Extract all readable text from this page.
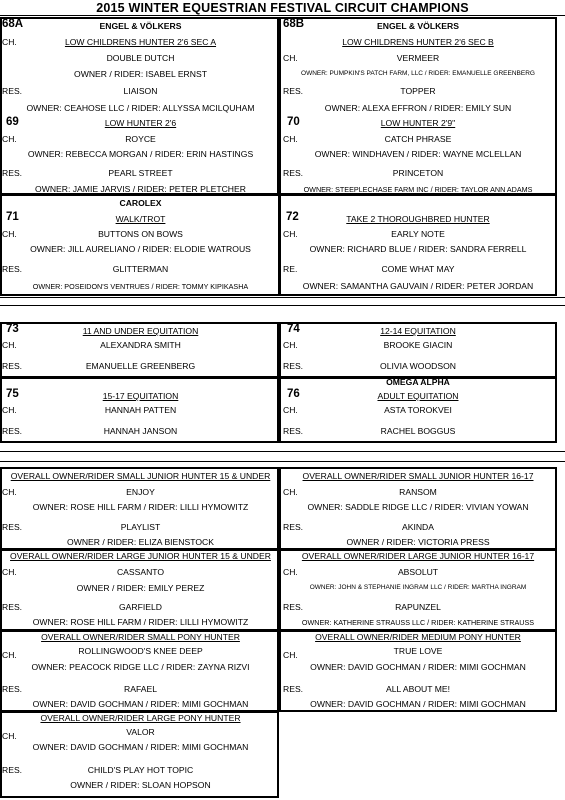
2015 WINTER EQUESTRIAN FESTIVAL CIRCUIT CHAMPIONS
68A	ENGEL & VÖLKERS
LOW CHILDRENS HUNTER 2'6 SEC A
CH.
DOUBLE DUTCH
OWNER / RIDER: ISABEL ERNST
RES.	LIAISON
OWNER: CEAHOSE LLC / RIDER: ALLYSSA MCILQUHAM
68B	ENGEL & VÖLKERS
LOW CHILDRENS HUNTER 2'6 SEC B
CH.	VERMEER
OWNER: PUMPKIN'S PATCH FARM, LLC / RIDER: EMANUELLE GREENBERG
RES.	TOPPER
OWNER: ALEXA EFFRON / RIDER: EMILY SUN
69	LOW HUNTER 2'6
CH.	ROYCE
OWNER: REBECCA MORGAN / RIDER: ERIN HASTINGS
RES.	PEARL STREET
OWNER: JAMIE JARVIS / RIDER: PETER PLETCHER
70	LOW HUNTER 2'9"
CH.	CATCH PHRASE
OWNER: WINDHAVEN / RIDER: WAYNE MCLELLAN
RES.	PRINCETON
OWNER: STEEPLECHASE FARM INC / RIDER: TAYLOR ANN ADAMS
CAROLEX
71	WALK/TROT
CH.	BUTTONS ON BOWS
OWNER: JILL AURELIANO / RIDER: ELODIE WATROUS
RES.	GLITTERMAN
OWNER: POSEIDON'S VENTRUES / RIDER: TOMMY KIPIKASHA
72	TAKE 2 THOROUGHBRED HUNTER
CH.	EARLY NOTE
OWNER: RICHARD BLUE / RIDER: SANDRA FERRELL
RE.	COME WHAT MAY
OWNER: SAMANTHA GAUVAIN / RIDER: PETER JORDAN
73	11 AND UNDER EQUITATION
CH.	ALEXANDRA SMITH
RES.	EMANUELLE GREENBERG
74	12-14 EQUITATION
CH.	BROOKE GIACIN
RES.	OLIVIA WOODSON
75	15-17 EQUITATION
CH.	HANNAH PATTEN
RES.	HANNAH JANSON
OMEGA ALPHA
76	ADULT EQUITATION
CH.	ASTA TOROKVEI
RES.	RACHEL BOGGUS
OVERALL OWNER/RIDER SMALL JUNIOR HUNTER 15 & UNDER
CH.	ENJOY
OWNER: ROSE HILL FARM / RIDER: LILLI HYMOWITZ
RES.	PLAYLIST
OWNER / RIDER: ELIZA BIENSTOCK
OVERALL OWNER/RIDER SMALL JUNIOR HUNTER 16-17
CH.	RANSOM
OWNER: SADDLE RIDGE LLC / RIDER: VIVIAN YOWAN
RES.	AKINDA
OWNER / RIDER: VICTORIA PRESS
OVERALL OWNER/RIDER LARGE JUNIOR HUNTER 15 & UNDER
CH.	CASSANTO
OWNER / RIDER: EMILY PEREZ
RES.	GARFIELD
OWNER: ROSE HILL FARM / RIDER: LILLI HYMOWITZ
OVERALL OWNER/RIDER LARGE JUNIOR HUNTER 16-17
CH.	ABSOLUT
OWNER: JOHN & STEPHANIE INGRAM LLC / RIDER: MARTHA INGRAM
RES.	RAPUNZEL
OWNER: KATHERINE STRAUSS LLC / RIDER: KATHERINE STRAUSS
OVERALL OWNER/RIDER SMALL PONY HUNTER
CH.	ROLLINGWOOD'S KNEE DEEP
OWNER: PEACOCK RIDGE LLC / RIDER: ZAYNA RIZVI
RES.	RAFAEL
OWNER: DAVID GOCHMAN / RIDER: MIMI GOCHMAN
OVERALL OWNER/RIDER MEDIUM PONY HUNTER
CH.	TRUE LOVE
OWNER: DAVID GOCHMAN / RIDER: MIMI GOCHMAN
RES.	ALL ABOUT ME!
OWNER: DAVID GOCHMAN / RIDER: MIMI GOCHMAN
OVERALL OWNER/RIDER LARGE PONY HUNTER
CH.	VALOR
OWNER: DAVID GOCHMAN / RIDER: MIMI GOCHMAN
RES.	CHILD'S PLAY HOT TOPIC
OWNER / RIDER: SLOAN HOPSON
